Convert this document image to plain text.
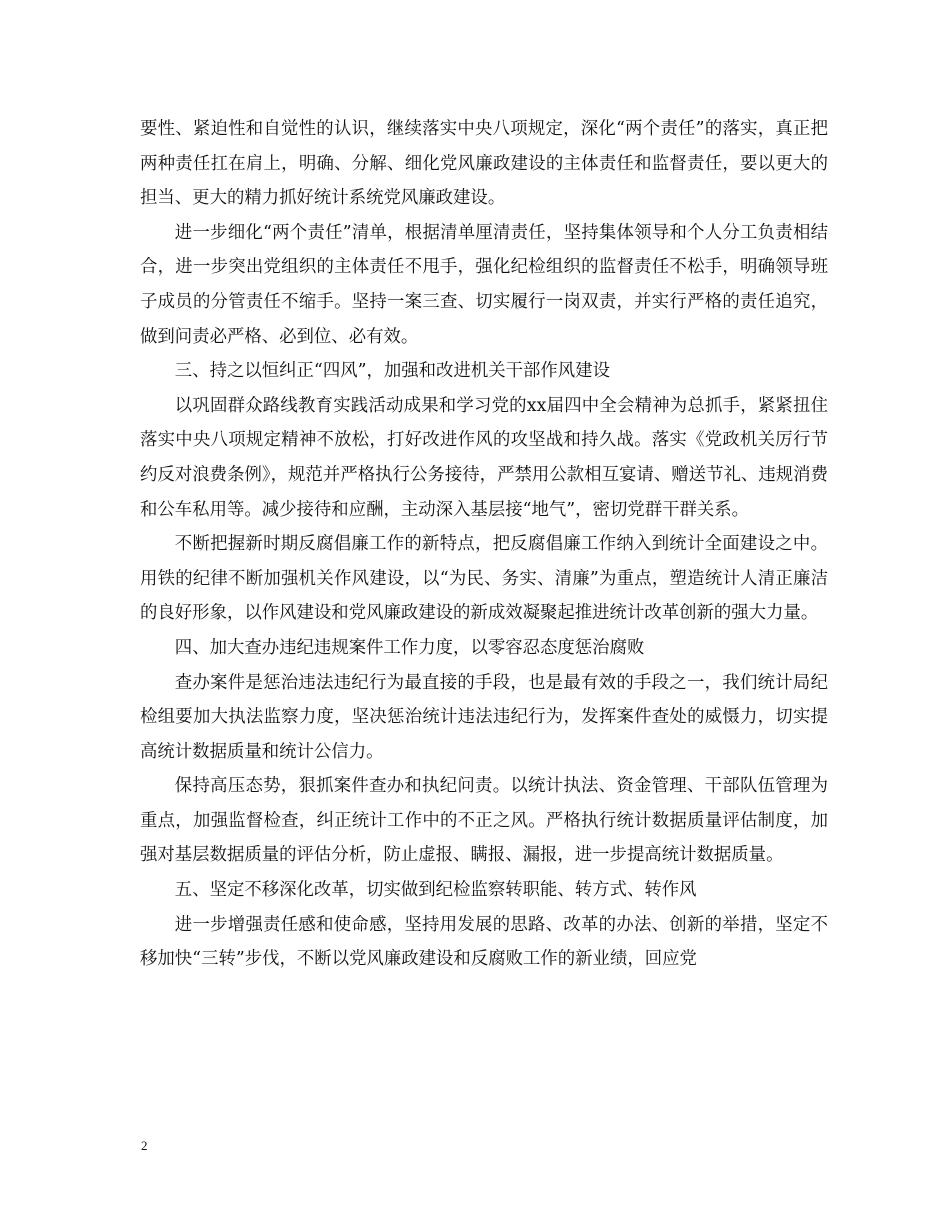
要性、紧迫性和自觉性的认识，继续落实中央八项规定，深化“两个责任”的落实，真正把两种责任扛在肩上，明确、分解、细化党风廉政建设的主体责任和监督责任，要以更大的担当、更大的精力抓好统计系统党风廉政建设。

进一步细化“两个责任”清单，根据清单厘清责任，坚持集体领导和个人分工负责相结合，进一步突出党组织的主体责任不甩手，强化纪检组织的监督责任不松手，明确领导班子成员的分管责任不缩手。坚持一案三查、切实履行一岗双责，并实行严格的责任追究，做到问责必严格、必到位、必有效。

三、持之以恒纠正“四风”，加强和改进机关干部作风建设

以巩固群众路线教育实践活动成果和学习党的xx届四中全会精神为总抓手，紧紧扭住落实中央八项规定精神不放松，打好改进作风的攻坚战和持久战。落实《党政机关厉行节约反对浪费条例》，规范并严格执行公务接待，严禁用公款相互宴请、赠送节礼、违规消费和公车私用等。减少接待和应酬，主动深入基层接“地气”，密切党群干群关系。

不断把握新时期反腐倡廉工作的新特点，把反腐倡廉工作纳入到统计全面建设之中。用铁的纪律不断加强机关作风建设，以“为民、务实、清廉”为重点，塑造统计人清正廉洁的良好形象，以作风建设和党风廉政建设的新成效凝聚起推进统计改革创新的强大力量。

四、加大查办违纪违规案件工作力度，以零容忍态度惩治腐败

查办案件是惩治违法违纪行为最直接的手段，也是最有效的手段之一，我们统计局纪检组要加大执法监察力度，坚决惩治统计违法违纪行为，发挥案件查处的威慑力，切实提高统计数据质量和统计公信力。

保持高压态势，狠抓案件查办和执纪问责。以统计执法、资金管理、干部队伍管理为重点，加强监督检查，纠正统计工作中的不正之风。严格执行统计数据质量评估制度，加强对基层数据质量的评估分析，防止虚报、瞒报、漏报，进一步提高统计数据质量。

五、坚定不移深化改革，切实做到纪检监察转职能、转方式、转作风

进一步增强责任感和使命感，坚持用发展的思路、改革的办法、创新的举措，坚定不移加快“三转”步伐，不断以党风廉政建设和反腐败工作的新业绩，回应党

2
